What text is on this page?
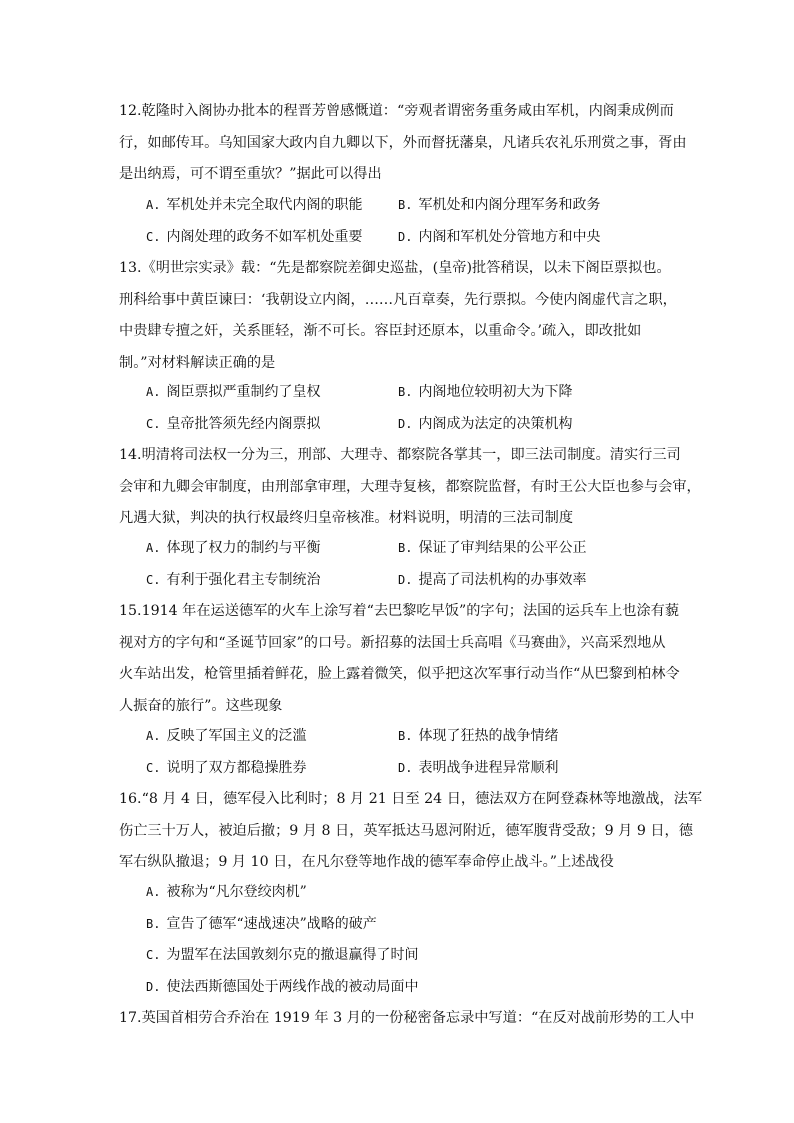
12.乾隆时入阁协办批本的程晋芳曾感慨道：“旁观者谓密务重务咸由军机，内阁秉成例而
行，如邮传耳。乌知国家大政内自九卿以下，外而督抚藩臬，凡诸兵农礼乐刑赏之事，胥由
是出纳焉，可不谓至重欤？”据此可以得出

A. 军机处并未完全取代内阁的职能	B. 军机处和内阁分理军务和政务
C. 内阁处理的政务不如军机处重要	D. 内阁和军机处分管地方和中央

13.《明世宗实录》载：“先是都察院差御史巡盐，(皇帝)批答稍误，以未下阁臣票拟也。
刑科给事中黄臣谏曰：‘我朝设立内阁，……凡百章奏，先行票拟。今使内阁虚代言之职，
中贵肆专擅之奸，关系匪轻，渐不可长。容臣封还原本，以重命令。’疏入，即改批如
制。”对材料解读正确的是

A. 阁臣票拟严重制约了皇权	B. 内阁地位较明初大为下降
C. 皇帝批答须先经内阁票拟	D. 内阁成为法定的决策机构

14.明清将司法权一分为三，刑部、大理寺、都察院各掌其一，即三法司制度。清实行三司
会审和九卿会审制度，由刑部拿审理，大理寺复核，都察院监督，有时王公大臣也参与会审，
凡遇大狱，判决的执行权最终归皇帝核准。材料说明，明清的三法司制度

A. 体现了权力的制约与平衡	B. 保证了审判结果的公平公正
C. 有利于强化君主专制统治	D. 提高了司法机构的办事效率

15.1914 年在运送德军的火车上涂写着“去巴黎吃早饭”的字句；法国的运兵车上也涂有藐
视对方的字句和“圣诞节回家”的口号。新招募的法国士兵高唱《马赛曲》，兴高采烈地从
火车站出发，枪管里插着鲜花，脸上露着微笑，似乎把这次军事行动当作“从巴黎到柏林令
人振奋的旅行”。这些现象

A. 反映了军国主义的泛滥	B. 体现了狂热的战争情绪
C. 说明了双方都稳操胜券	D. 表明战争进程异常顺利

16.“8 月 4 日，德军侵入比利时；8 月 21 日至 24 日，德法双方在阿登森林等地激战，法军
伤亡三十万人，被迫后撤；9 月 8 日，英军抵达马恩河附近，德军腹背受敌；9 月 9 日，德
军右纵队撤退；9 月 10 日，在凡尔登等地作战的德军奉命停止战斗。”上述战役

A. 被称为“凡尔登绞肉机”
B. 宣告了德军“速战速决”战略的破产
C. 为盟军在法国敦刻尔克的撤退赢得了时间
D. 使法西斯德国处于两线作战的被动局面中

17.英国首相劳合乔治在 1919 年 3 月的一份秘密备忘录中写道：“在反对战前形势的工人中
